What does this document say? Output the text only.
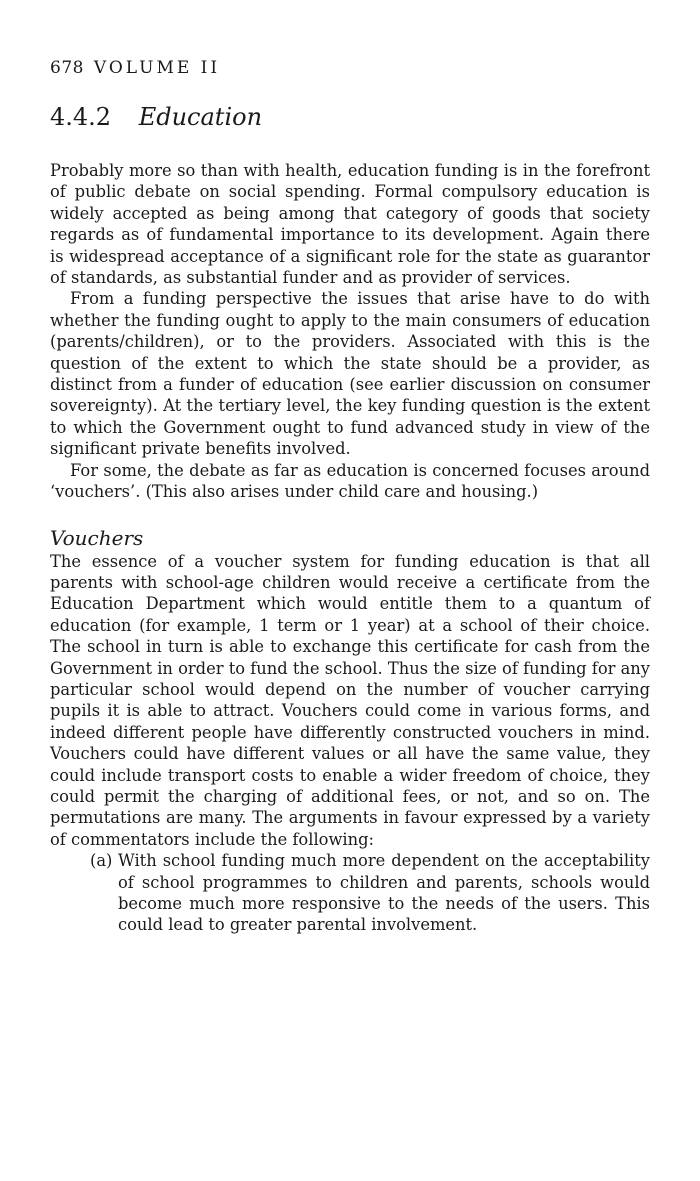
678 VOLUME II
4.4.2 Education

Probably more so than with health, education funding is in the forefront of public debate on social spending. Formal compulsory education is widely accepted as being among that category of goods that society regards as of fundamental importance to its development. Again there is widespread acceptance of a significant role for the state as guarantor of standards, as substantial funder and as provider of services.

From a funding perspective the issues that arise have to do with whether the funding ought to apply to the main consumers of education (parents/children), or to the providers. Associated with this is the question of the extent to which the state should be a provider, as distinct from a funder of education (see earlier discussion on consumer sovereignty). At the tertiary level, the key funding question is the extent to which the Government ought to fund advanced study in view of the significant private benefits involved.

For some, the debate as far as education is concerned focuses around ‘vouchers’. (This also arises under child care and housing.)

Vouchers

The essence of a voucher system for funding education is that all parents with school-age children would receive a certificate from the Education Department which would entitle them to a quantum of education (for example, 1 term or 1 year) at a school of their choice. The school in turn is able to exchange this certificate for cash from the Government in order to fund the school. Thus the size of funding for any particular school would depend on the number of voucher carrying pupils it is able to attract. Vouchers could come in various forms, and indeed different people have differently constructed vouchers in mind. Vouchers could have different values or all have the same value, they could include transport costs to enable a wider freedom of choice, they could permit the charging of additional fees, or not, and so on. The permutations are many. The arguments in favour expressed by a variety of commentators include the following:

(a) With school funding much more dependent on the acceptability of school programmes to children and parents, schools would become much more responsive to the needs of the users. This could lead to greater parental involvement.
